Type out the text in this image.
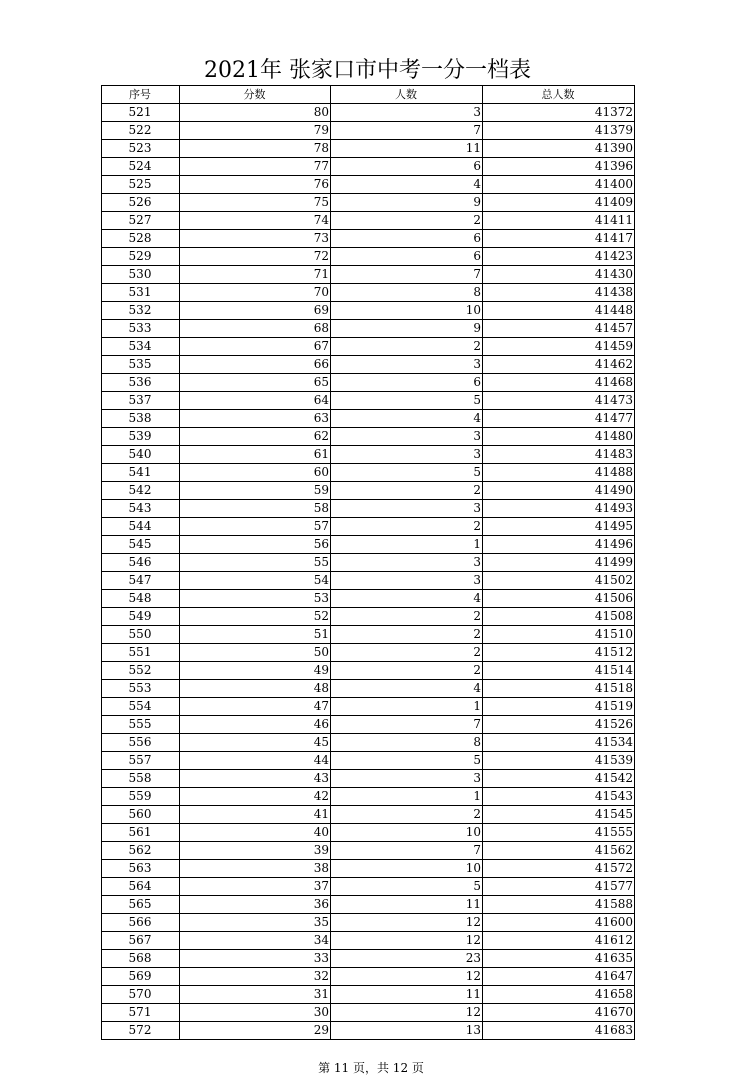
2021年 张家口市中考一分一档表
序号	分数	人数	总人数
521	80	3	41372
522	79	7	41379
523	78	11	41390
524	77	6	41396
525	76	4	41400
526	75	9	41409
527	74	2	41411
528	73	6	41417
529	72	6	41423
530	71	7	41430
531	70	8	41438
532	69	10	41448
533	68	9	41457
534	67	2	41459
535	66	3	41462
536	65	6	41468
537	64	5	41473
538	63	4	41477
539	62	3	41480
540	61	3	41483
541	60	5	41488
542	59	2	41490
543	58	3	41493
544	57	2	41495
545	56	1	41496
546	55	3	41499
547	54	3	41502
548	53	4	41506
549	52	2	41508
550	51	2	41510
551	50	2	41512
552	49	2	41514
553	48	4	41518
554	47	1	41519
555	46	7	41526
556	45	8	41534
557	44	5	41539
558	43	3	41542
559	42	1	41543
560	41	2	41545
561	40	10	41555
562	39	7	41562
563	38	10	41572
564	37	5	41577
565	36	11	41588
566	35	12	41600
567	34	12	41612
568	33	23	41635
569	32	12	41647
570	31	11	41658
571	30	12	41670
572	29	13	41683
第 11 页，共 12 页
